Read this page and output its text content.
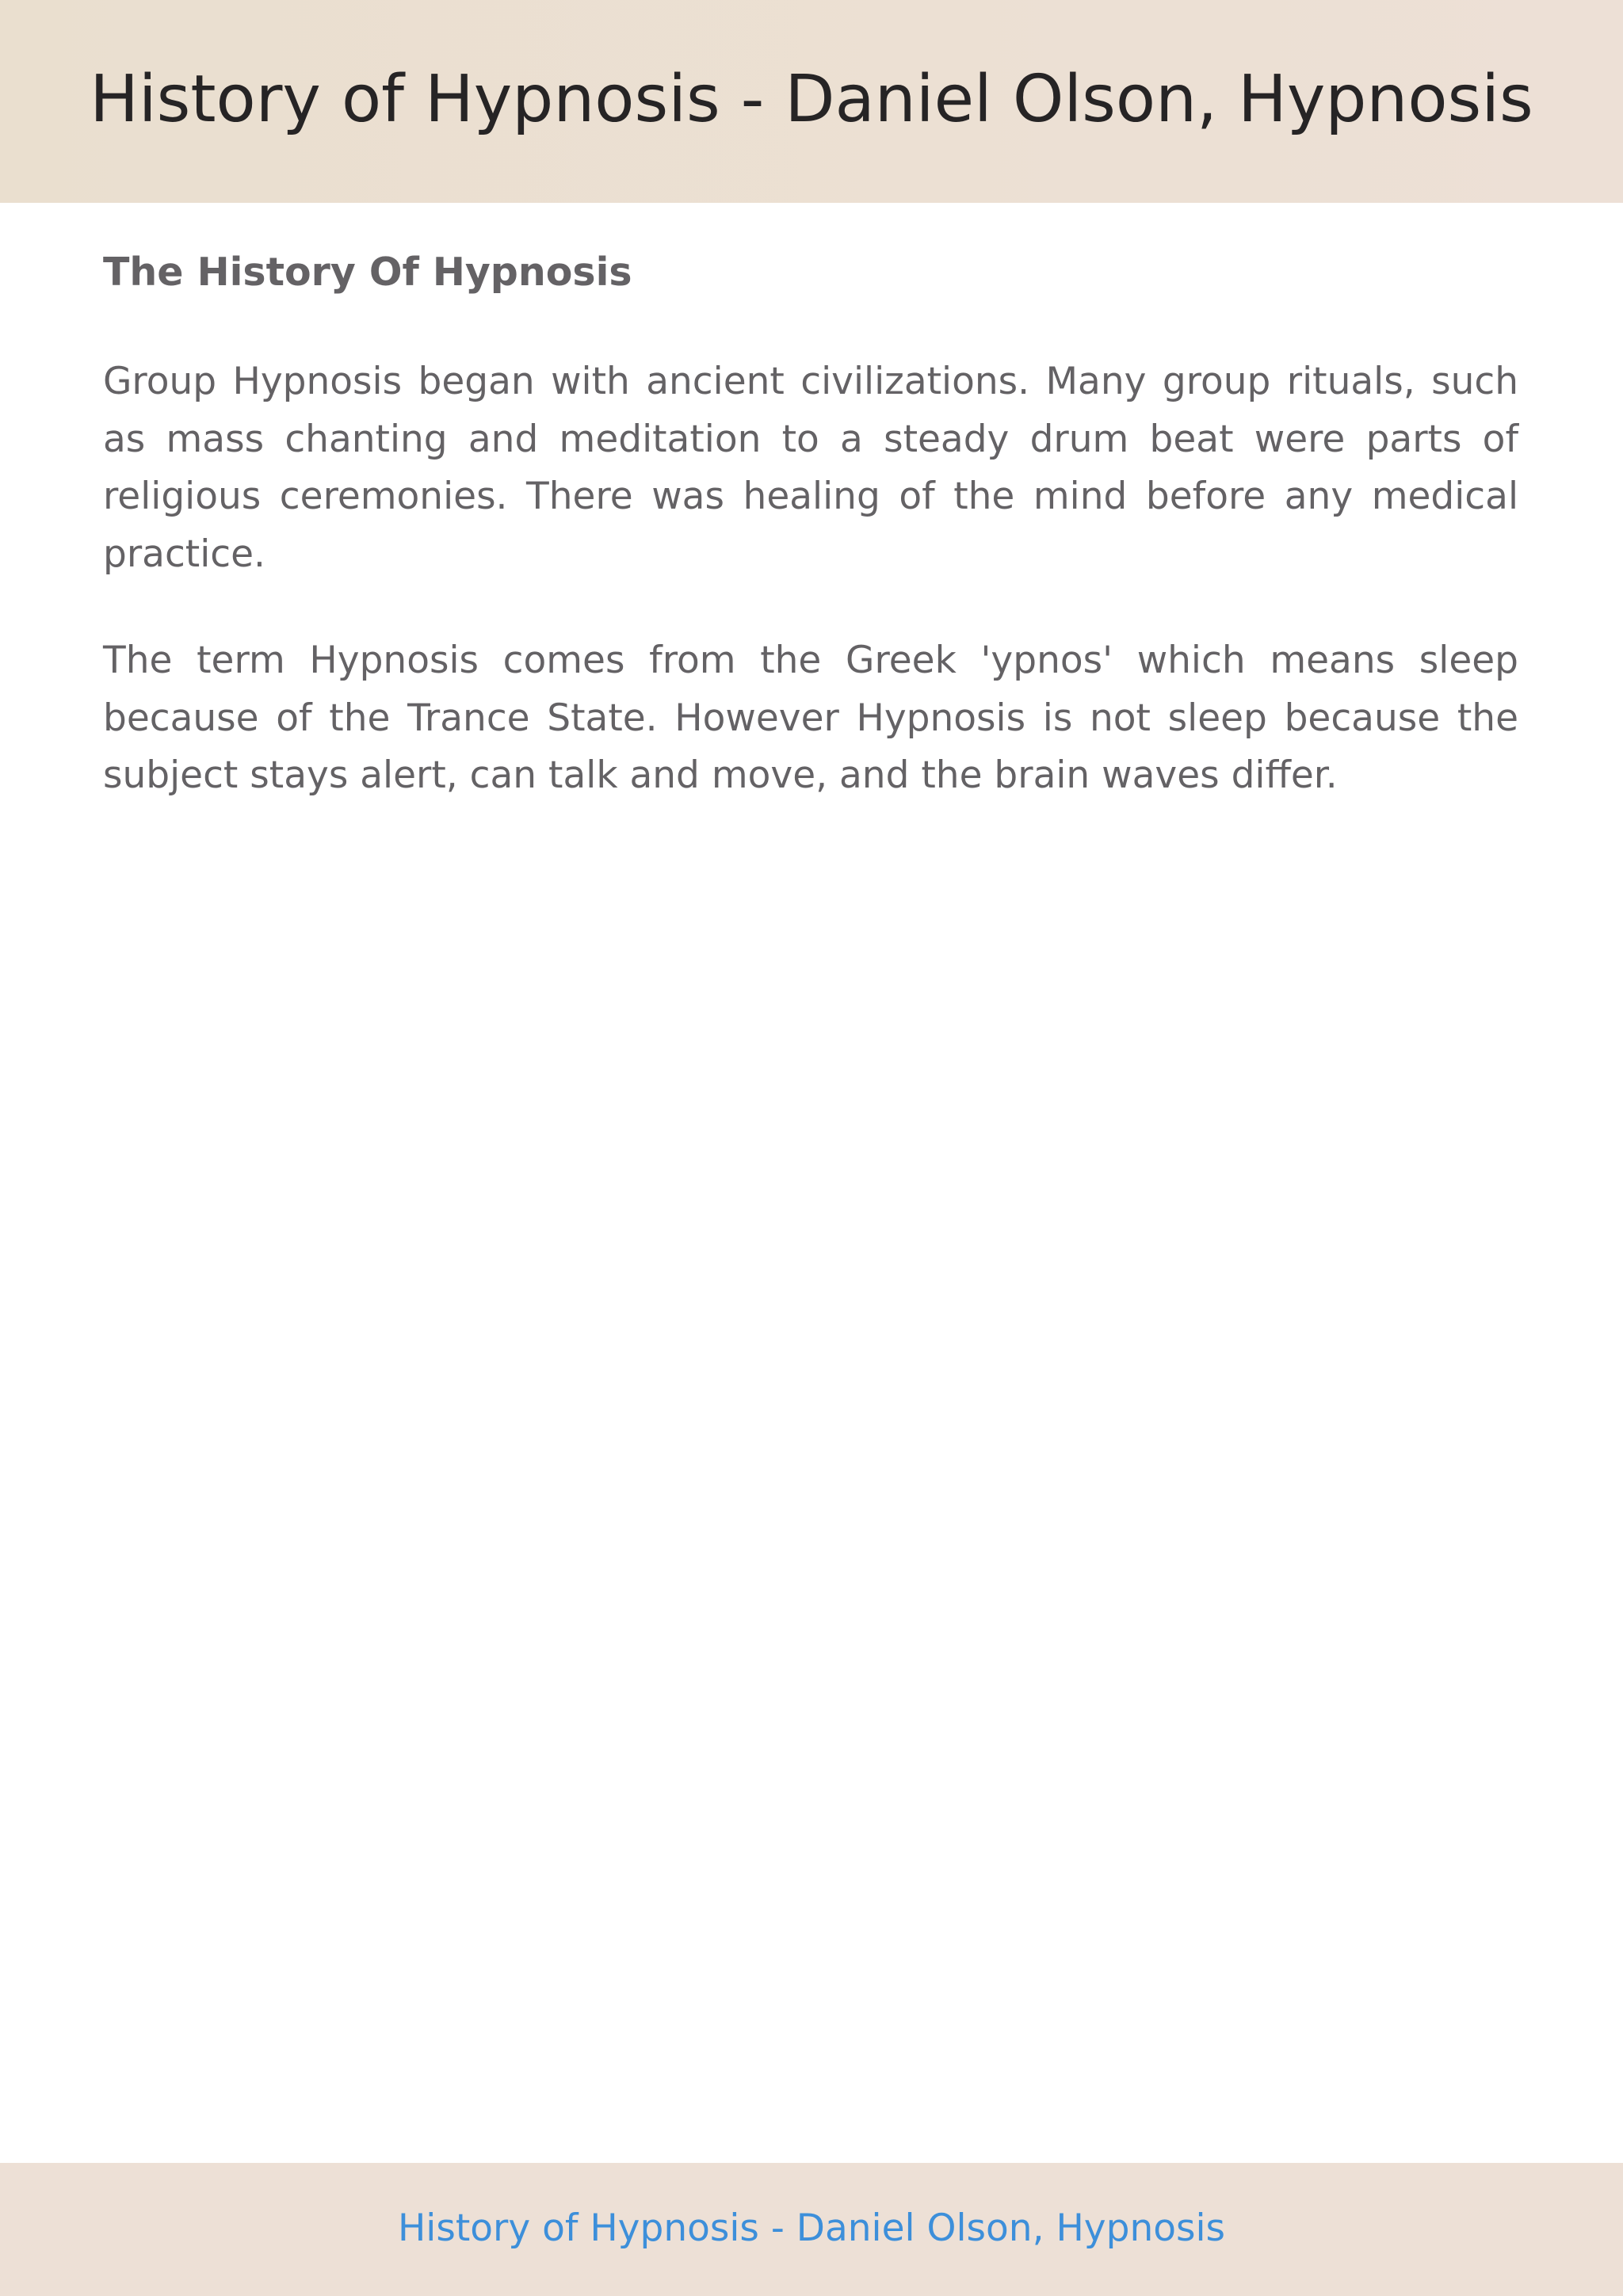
History of Hypnosis - Daniel Olson, Hypnosis
The History Of Hypnosis

Group Hypnosis began with ancient civilizations. Many group rituals, such as mass chanting and meditation to a steady drum beat were parts of religious ceremonies. There was healing of the mind before any medical practice.

The term Hypnosis comes from the Greek 'ypnos' which means sleep because of the Trance State. However Hypnosis is not sleep because the subject stays alert, can talk and move, and the brain waves differ.

History of Hypnosis - Daniel Olson, Hypnosis
